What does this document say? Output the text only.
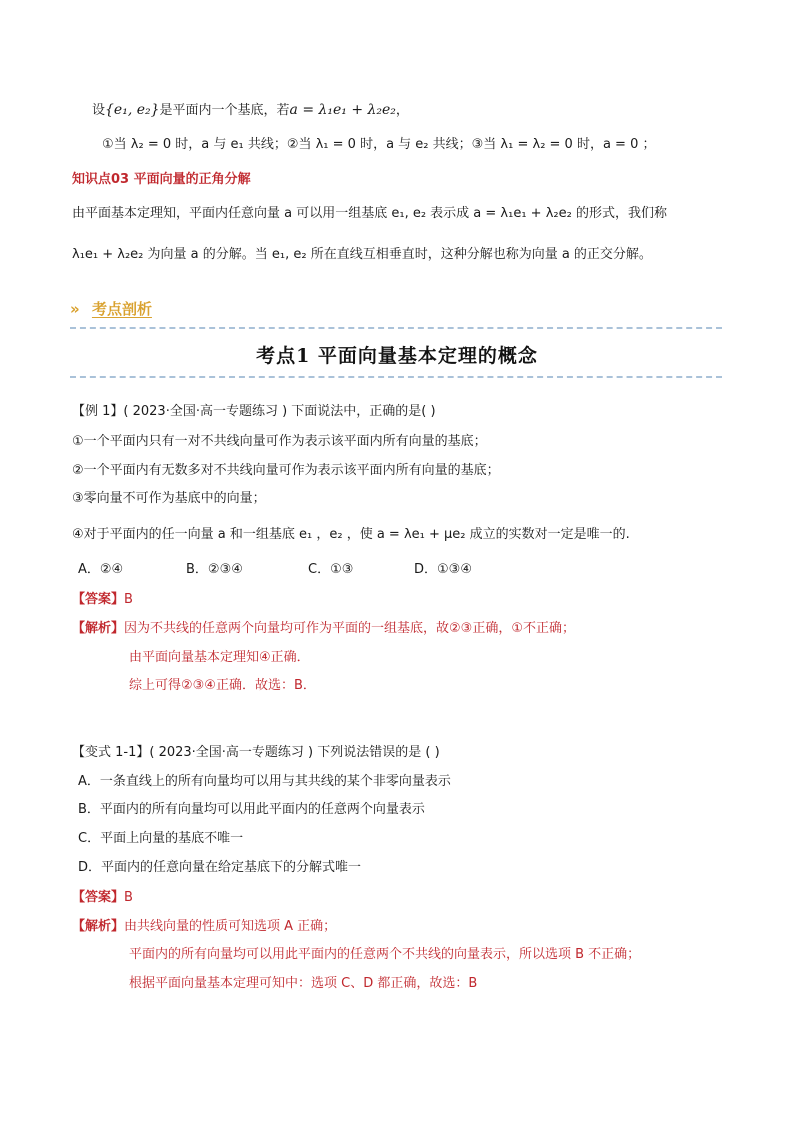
设{e₁, e₂}是平面内一个基底，若a = λ₁e₁ + λ₂e₂，
①当 λ₂ = 0 时，a 与 e₁ 共线；②当 λ₁ = 0 时，a 与 e₂ 共线；③当 λ₁ = λ₂ = 0 时，a = 0 ；
知识点03 平面向量的正角分解
由平面基本定理知，平面内任意向量 a 可以用一组基底 e₁, e₂ 表示成 a = λ₁e₁ + λ₂e₂ 的形式，我们称
λ₁e₁ + λ₂e₂ 为向量 a 的分解。当 e₁, e₂ 所在直线互相垂直时，这种分解也称为向量 a 的正交分解。
» 考点剖析
考点1 平面向量基本定理的概念
【例 1】( 2023·全国·高一专题练习 ) 下面说法中，正确的是( )
①一个平面内只有一对不共线向量可作为表示该平面内所有向量的基底；
②一个平面内有无数多对不共线向量可作为表示该平面内所有向量的基底；
③零向量不可作为基底中的向量；
④对于平面内的任一向量 a 和一组基底 e₁ ，e₂ ，使 a = λe₁ + μe₂ 成立的实数对一定是唯一的.
A．②④	B．②③④	C．①③	D．①③④
【答案】B
【解析】因为不共线的任意两个向量均可作为平面的一组基底，故②③正确，①不正确；
由平面向量基本定理知④正确．
综上可得②③④正确．故选：B．
【变式 1-1】( 2023·全国·高一专题练习 ) 下列说法错误的是 ( )
A．一条直线上的所有向量均可以用与其共线的某个非零向量表示
B．平面内的所有向量均可以用此平面内的任意两个向量表示
C．平面上向量的基底不唯一
D．平面内的任意向量在给定基底下的分解式唯一
【答案】B
【解析】由共线向量的性质可知选项 A 正确；
平面内的所有向量均可以用此平面内的任意两个不共线的向量表示，所以选项 B 不正确；
根据平面向量基本定理可知中：选项 C、D 都正确，故选：B
